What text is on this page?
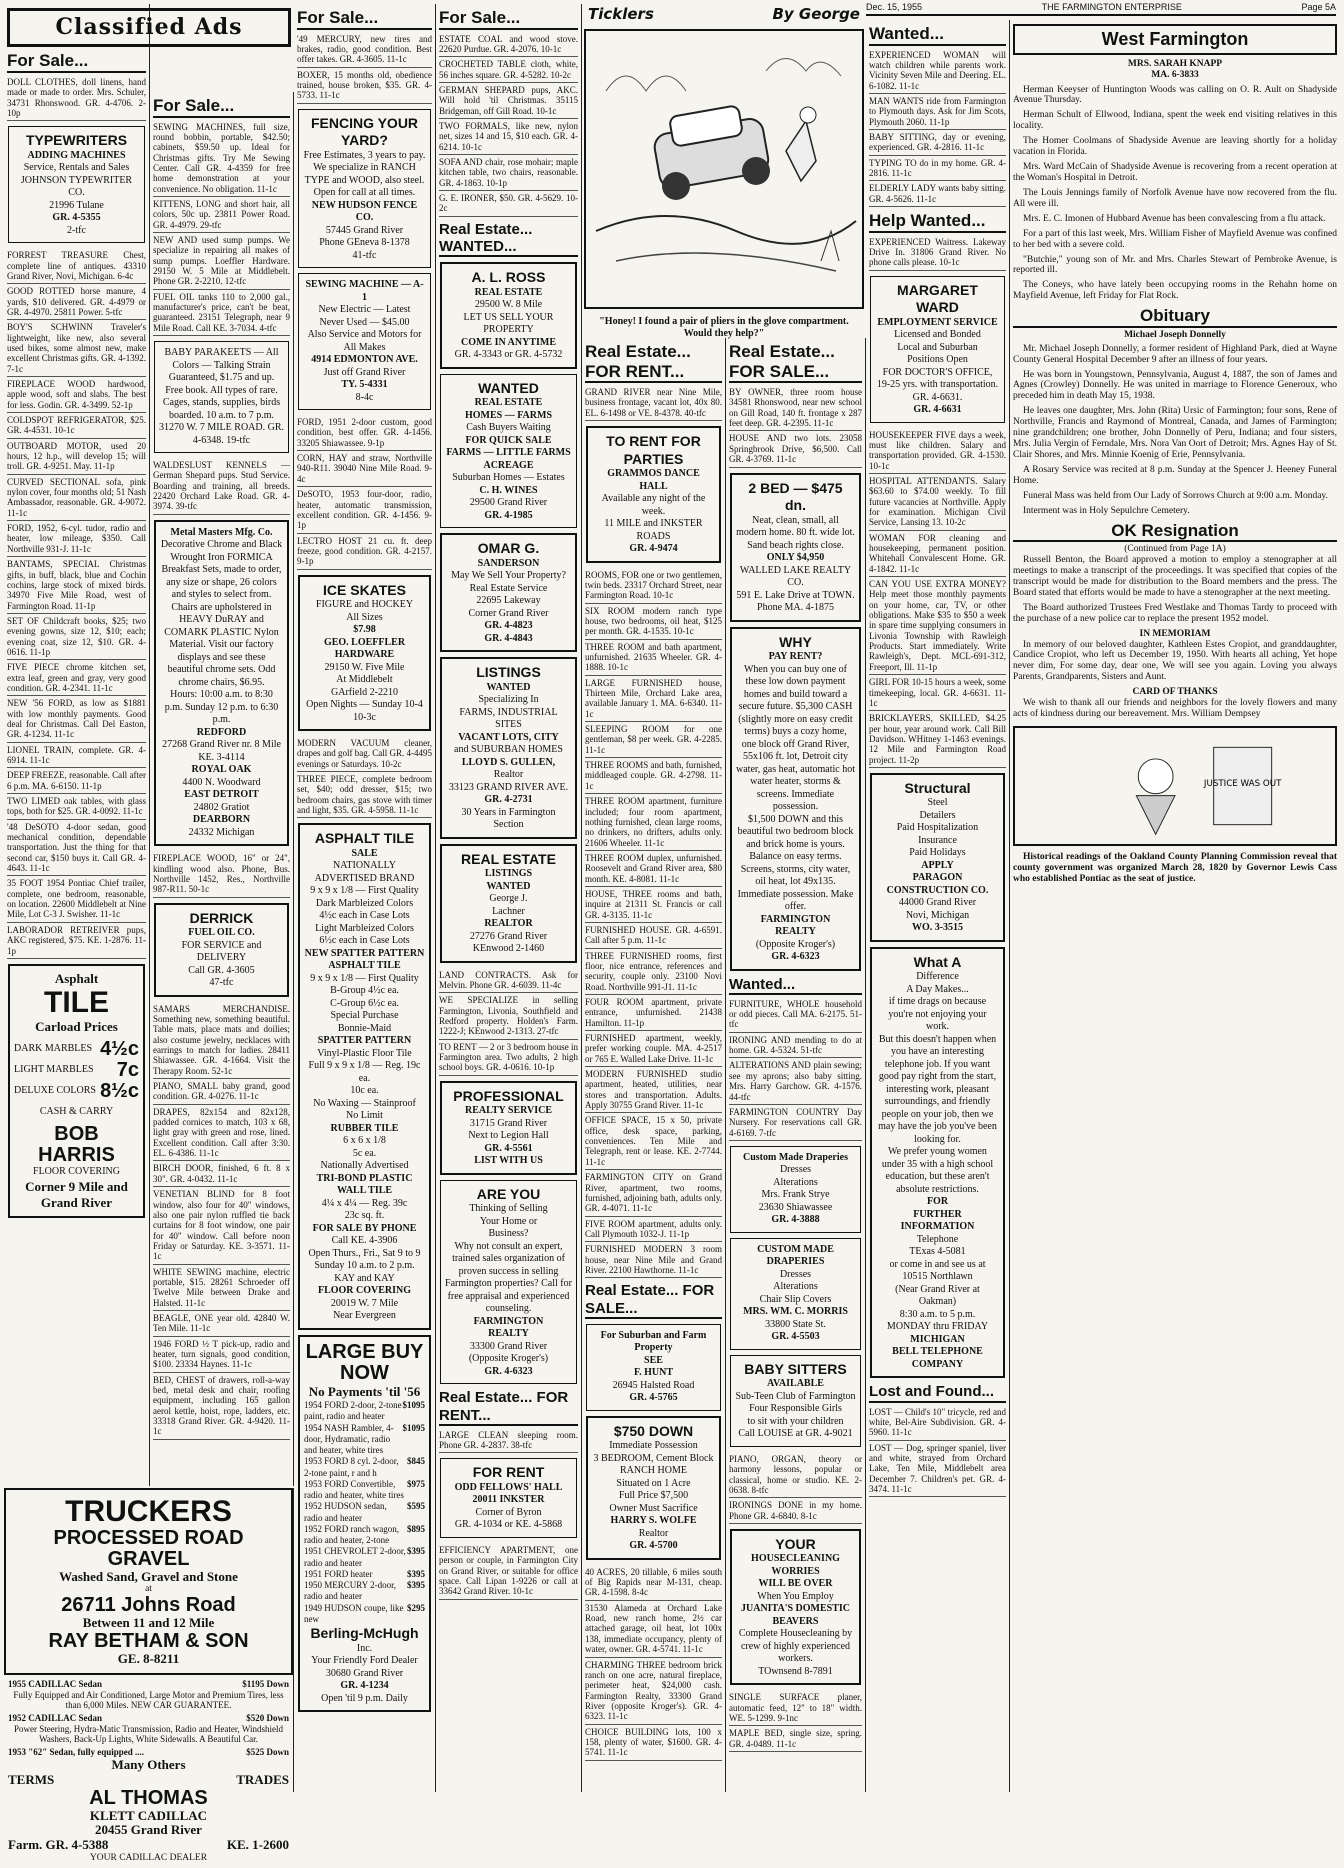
Dec. 15, 1955	THE FARMINGTON ENTERPRISE	Page 5A
Classified Ads
For Sale...
DOLL CLOTHES, doll linens, hand made or made to order. Mrs. Schuler, 34731 Rhonswood. GR. 4-4706. 2-10p
TYPEWRITERS
ADDING MACHINES
Service, Rentals and Sales
JOHNSON TYPEWRITER CO.
21996 Tulane
GR. 4-5355
2-tfc
FORREST TREASURE Chest, complete line of antiques. 43310 Grand River, Novi, Michigan. 6-4c
GOOD ROTTED horse manure, 4 yards, $10 delivered. GR. 4-4979 or GR. 4-4970. 25811 Power. 5-tfc
BOY'S SCHWINN Traveler's lightweight, like new, also several used bikes, some almost new, make excellent Christmas gifts. GR. 4-1392. 7-1c
FIREPLACE WOOD hardwood, apple wood, soft and slabs. The best for less. Godin. GR. 4-3499. 52-1p
COLDSPOT REFRIGERATOR, $25. GR. 4-4531. 10-1c
OUTBOARD MOTOR, used 20 hours, 12 h.p., will develop 15; will troll. GR. 4-9251. May. 11-1p
CURVED SECTIONAL sofa, pink nylon cover, four months old; 51 Nash Ambassador, reasonable. GR. 4-9072. 11-1c
FORD, 1952, 6-cyl. tudor, radio and heater, low mileage, $350. Call Northville 931-J. 11-1c
BANTAMS, SPECIAL Christmas gifts, in buff, black, blue and Cochin cochins, large stock of mixed birds. 34970 Five Mile Road, west of Farmington Road. 11-1p
SET OF Childcraft books, $25; two evening gowns, size 12, $10; each; evening coat, size 12, $10. GR. 4-0616. 11-1p
FIVE PIECE chrome kitchen set, extra leaf, green and gray, very good condition. GR. 4-2341. 11-1c
NEW '56 FORD, as low as $1881 with low monthly payments. Good deal for Christmas. Call Del Easton, GR. 4-1234. 11-1c
LIONEL TRAIN, complete. GR. 4-6914. 11-1c
DEEP FREEZE, reasonable. Call after 6 p.m. MA. 6-6150. 11-1p
TWO LIMED oak tables, with glass tops, both for $25. GR. 4-0092. 11-1c
'48 DeSOTO 4-door sedan, good mechanical condition, dependable transportation. Just the thing for that second car, $150 buys it. Call GR. 4-4643. 11-1c
35 FOOT 1954 Pontiac Chief trailer, complete, one bedroom, reasonable, on location. 22600 Middlebelt at Nine Mile, Lot C-3 J. Swisher. 11-1c
LABORADOR RETREIVER pups, AKC registered, $75. KE. 1-2876. 11-1p
Asphalt
TILE
Carload Prices
DARK MARBLES 4½c
LIGHT MARBLES 7c
DELUXE COLORS 8½c
CASH & CARRY
BOB HARRIS
FLOOR COVERING
Corner 9 Mile and Grand River
For Sale...
SEWING MACHINES, full size, round bobbin, portable, $42.50; cabinets, $59.50 up. Ideal for Christmas gifts. Try Me Sewing Center. Call GR. 4-4359 for free home demonstration at your convenience. No obligation. 11-1c
KITTENS, LONG and short hair, all colors, 50c up. 23811 Power Road. GR. 4-4979. 29-tfc
NEW AND used sump pumps. We specialize in repairing all makes of sump pumps. Loeffler Hardware. 29150 W. 5 Mile at Middlebelt. Phone GR. 2-2210. 12-tfc
FUEL OIL tanks 110 to 2,000 gal., manufacturer's price, can't be beat, guaranteed. 23151 Telegraph, near 9 Mile Road. Call KE. 3-7034. 4-tfc
BABY PARAKEETS — All Colors — Talking Strain Guaranteed, $1.75 and up. Free book. All types of rare. Cages, stands, supplies, birds boarded. 10 a.m. to 7 p.m. 31270 W. 7 MILE ROAD. GR. 4-6348. 19-tfc
WALDESLUST KENNELS — German Shepard pups. Stud Service. Boarding and training, all breeds. 22420 Orchard Lake Road. GR. 4-3974. 39-tfc
Metal Masters Mfg. Co.
Decorative Chrome and Black Wrought Iron FORMICA
Breakfast Sets, made to order, any size or shape, 26 colors and styles to select from. Chairs are upholstered in HEAVY DuRAY and COMARK PLASTIC Nylon Material. Visit our factory displays and see these beautiful chrome sets. Odd chrome chairs, $6.95.
Hours: 10:00 a.m. to 8:30 p.m. Sunday 12 p.m. to 6:30 p.m.
REDFORD
27268 Grand River nr. 8 Mile KE. 3-4114
ROYAL OAK
4400 N. Woodward
EAST DETROIT
24802 Gratiot
DEARBORN
24332 Michigan
FIREPLACE WOOD, 16" or 24", kindling wood also. Phone, Bus. Northville 1452, Res., Northville 987-R11. 50-1c
DERRICK
FUEL OIL CO.
FOR SERVICE and DELIVERY
Call GR. 4-3605
47-tfc
SAMARS MERCHANDISE. Something new, something beautiful. Table mats, place mats and doilies; also costume jewelry, necklaces with earrings to match for ladies. 28411 Shiawassee. GR. 4-1664. Visit the Therapy Room. 52-1c
PIANO, SMALL baby grand, good condition. GR. 4-0276. 11-1c
DRAPES, 82x154 and 82x128, padded cornices to match, 103 x 68, light gray with green and rose, lined. Excellent condition. Call after 3:30. EL. 6-4386. 11-1c
BIRCH DOOR, finished, 6 ft. 8 x 30". GR. 4-0432. 11-1c
VENETIAN BLIND for 8 foot window, also four for 40" windows, also one pair nylon ruffled tie back curtains for 8 foot window, one pair for 40" window. Call before noon Friday or Saturday. KE. 3-3571. 11-1c
WHITE SEWING machine, electric portable, $15. 28261 Schroeder off Twelve Mile between Drake and Halsted. 11-1c
BEAGLE, ONE year old. 42840 W. Ten Mile. 11-1c
1946 FORD ½ T pick-up, radio and heater, turn signals, good condition, $100. 23334 Haynes. 11-1c
BED, CHEST of drawers, roll-a-way bed, metal desk and chair, roofing equipment, including 165 gallon aerol kettle, hoist, rope, ladders, etc. 33318 Grand River. GR. 4-9420. 11-1c
TRUCKERS
PROCESSED ROAD GRAVEL
Washed Sand, Gravel and Stone
at
26711 Johns Road
Between 11 and 12 Mile
RAY BETHAM & SON
GE. 8-8211
1955 CADILLAC Sedan	$1195 Down
Fully Equipped and Air Conditioned, Large Motor and Premium Tires, less than 6,000 Miles. NEW CAR GUARANTEE.
1952 CADILLAC Sedan	$520 Down
Power Steering, Hydra-Matic Transmission, Radio and Heater, Windshield Washers, Back-Up Lights, White Sidewalls. A Beautiful Car.
1953 "62" Sedan, fully equipped ....	$525 Down
Many Others
TERMS	TRADES
AL THOMAS
KLETT CADILLAC
20455 Grand River
Farm. GR. 4-5388	KE. 1-2600
YOUR CADILLAC DEALER
For Sale...
'49 MERCURY, new tires and brakes, radio, good condition. Best offer takes. GR. 4-3605. 11-1c
BOXER, 15 months old, obedience trained, house broken, $35. GR. 4-5733. 11-1c
FENCING YOUR YARD?
Free Estimates, 3 years to pay. We specialize in RANCH TYPE and WOOD, also steel.
Open for call at all times.
NEW HUDSON FENCE CO.
57445 Grand River
Phone GEneva 8-1378
41-tfc
SEWING MACHINE — A-1
New Electric — Latest
Never Used — $45.00
Also Service and Motors for All Makes
4914 EDMONTON AVE.
Just off Grand River
TY. 5-4331
8-4c
FORD, 1951 2-door custom, good condition, best offer. GR. 4-1456. 33205 Shiawassee. 9-1p
CORN, HAY and straw, Northville 940-R11. 39040 Nine Mile Road. 9-4c
DeSOTO, 1953 four-door, radio, heater, automatic transmission, excellent condition. GR. 4-1456. 9-1p
LECTRO HOST 21 cu. ft. deep freeze, good condition. GR. 4-2157. 9-1p
ICE SKATES
FIGURE and HOCKEY
All Sizes
$7.98
GEO. LOEFFLER
HARDWARE
29150 W. Five Mile
At Middlebelt
GArfield 2-2210
Open Nights — Sunday 10-4
10-3c
MODERN VACUUM cleaner, drapes and golf bag. Call GR. 4-4495 evenings or Saturdays. 10-2c
THREE PIECE, complete bedroom set, $40; odd dresser, $15; two bedroom chairs, gas stove with timer and light, $35. GR. 4-5958. 11-1c
ASPHALT TILE
SALE
NATIONALLY ADVERTISED BRAND
9 x 9 x 1/8 — First Quality
Dark Marbleized Colors
4½c each in Case Lots
Light Marbleized Colors
6½c each in Case Lots
NEW SPATTER PATTERN
ASPHALT TILE
9 x 9 x 1/8 — First Quality
B-Group 4½c ea.
C-Group 6½c ea.
Special Purchase
Bonnie-Maid
SPATTER PATTERN
Vinyl-Plastic Floor Tile
Full 9 x 9 x 1/8 — Reg. 19c ea.
10c ea.
No Waxing — Stainproof
No Limit
RUBBER TILE
6 x 6 x 1/8
5c ea.
Nationally Advertised
TRI-BOND PLASTIC
WALL TILE
4¼ x 4¼ — Reg. 39c
23c sq. ft.
FOR SALE BY PHONE
Call KE. 4-3906
Open Thurs., Fri., Sat 9 to 9
Sunday 10 a.m. to 2 p.m.
KAY and KAY
FLOOR COVERING
20019 W. 7 Mile
Near Evergreen
LARGE BUY NOW
No Payments 'til '56
1954 FORD 2-door, 2-tone paint, radio and heater
$1095
1954 NASH Rambler, 4-door, Hydramatic, radio and heater, white tires
$1095
1953 FORD 8 cyl. 2-door, 2-tone paint, r and h
$845
1953 FORD Convertible, radio and heater, white tires
$975
1952 HUDSON sedan, radio and heater
$595
1952 FORD ranch wagon, radio and heater, 2-tone
$895
1951 CHEVROLET 2-door, radio and heater
$395
1951 FORD heater	$395
1950 MERCURY 2-door, radio and heater
$395
1949 HUDSON coupe, like new
$295
Berling-McHugh
Inc.
Your Friendly Ford Dealer
30680 Grand River
GR. 4-1234
Open 'til 9 p.m. Daily
For Sale...
ESTATE COAL and wood stove. 22620 Purdue. GR. 4-2076. 10-1c
CROCHETED TABLE cloth, white, 56 inches square. GR. 4-5282. 10-2c
GERMAN SHEPARD pups, AKC. Will hold 'til Christmas. 35115 Bridgeman, off Gill Road. 10-1c
TWO FORMALS, like new, nylon net, sizes 14 and 15, $10 each. GR. 4-6214. 10-1c
SOFA AND chair, rose mohair; maple kitchen table, two chairs, reasonable. GR. 4-1863. 10-1p
G. E. IRONER, $50. GR. 4-5629. 10-2c
Real Estate... WANTED...
A. L. ROSS
REAL ESTATE
29500 W. 8 Mile
LET US SELL YOUR PROPERTY
COME IN ANYTIME
GR. 4-3343 or GR. 4-5732
WANTED
REAL ESTATE
HOMES — FARMS
Cash Buyers Waiting
FOR QUICK SALE
FARMS — LITTLE FARMS
ACREAGE
Suburban Homes — Estates
C. H. WINES
29500 Grand River
GR. 4-1985
OMAR G.
SANDERSON
May We Sell Your Property?
Real Estate Service
22695 Lakeway
Corner Grand River
GR. 4-4823
GR. 4-4843
LISTINGS
WANTED
Specializing In
FARMS, INDUSTRIAL SITES
VACANT LOTS, CITY
and SUBURBAN HOMES
LLOYD S. GULLEN,
Realtor
33123 GRAND RIVER AVE.
GR. 4-2731
30 Years in Farmington Section
REAL ESTATE
LISTINGS
WANTED
George J.
Lachner
REALTOR
27276 Grand River
KEnwood 2-1460
LAND CONTRACTS. Ask for Melvin. Phone GR. 4-6039. 11-4c
WE SPECIALIZE in selling Farmington, Livonia, Southfield and Redford property. Holden's Farm. 1222-J; KEnwood 2-1313. 27-tfc
TO RENT — 2 or 3 bedroom house in Farmington area. Two adults, 2 high school boys. GR. 4-0616. 10-1p
PROFESSIONAL
REALTY SERVICE
31715 Grand River
Next to Legion Hall
GR. 4-5561
LIST WITH US
ARE YOU
Thinking of Selling
Your Home or
Business?
Why not consult an expert, trained sales organization of proven success in selling Farmington properties? Call for free appraisal and experienced counseling.
FARMINGTON
REALTY
33300 Grand River
(Opposite Kroger's)
GR. 4-6323
Real Estate... FOR RENT...
LARGE CLEAN sleeping room. Phone GR. 4-2837. 38-tfc
FOR RENT
ODD FELLOWS' HALL
20011 INKSTER
Corner of Byron
GR. 4-1034 or KE. 4-5868
EFFICIENCY APARTMENT, one person or couple, in Farmington City on Grand River, or suitable for office space. Call Lipan 1-9226 or call at 33642 Grand River. 10-1c
Ticklers	By George
"Honey! I found a pair of pliers in the glove compartment. Would they help?"
Real Estate... FOR RENT...
GRAND RIVER near Nine Mile, business frontage, vacant lot, 40x 80. EL. 6-1498 or VE. 8-4378. 40-tfc
TO RENT FOR PARTIES
GRAMMOS DANCE HALL
Available any night of the week.
11 MILE and INKSTER ROADS
GR. 4-9474
ROOMS, FOR one or two gentlemen, twin beds. 23317 Orchard Street, near Farmington Road. 10-1c
SIX ROOM modern ranch type house, two bedrooms, oil heat, $125 per month. GR. 4-1535. 10-1c
THREE ROOM and bath apartment, unfurnished. 21635 Wheeler. GR. 4-1888. 10-1c
LARGE FURNISHED house, Thirteen Mile, Orchard Lake area, available January 1. MA. 6-6340. 11-1c
SLEEPING ROOM for one gentleman, $8 per week. GR. 4-2285. 11-1c
THREE ROOMS and bath, furnished, middleaged couple. GR. 4-2798. 11-1c
THREE ROOM apartment, furniture included; four room apartment, nothing furnished, clean large rooms, no drinkers, no drifters, adults only. 21606 Wheeler. 11-1c
THREE ROOM duplex, unfurnished. Roosevelt and Grand River area, $80 month. KE. 4-8081. 11-1c
HOUSE, THREE rooms and bath, inquire at 21311 St. Francis or call GR. 4-3135. 11-1c
FURNISHED HOUSE. GR. 4-6591. Call after 5 p.m. 11-1c
THREE FURNISHED rooms, first floor, nice entrance, references and security, couple only. 23100 Novi Road. Northville 991-J1. 11-1c
FOUR ROOM apartment, private entrance, unfurnished. 21438 Hamilton. 11-1p
FURNISHED apartment, weekly, prefer working couple. MA. 4-2517 or 765 E. Walled Lake Drive. 11-1c
MODERN FURNISHED studio apartment, heated, utilities, near stores and transportation. Adults. Apply 30755 Grand River. 11-1c
OFFICE SPACE, 15 x 50, private office, desk space, parking, conveniences. Ten Mile and Telegraph, rent or lease. KE. 2-7744. 11-1c
FARMINGTON CITY on Grand River, apartment, two rooms, furnished, adjoining bath, adults only. GR. 4-4071. 11-1c
FIVE ROOM apartment, adults only. Call Plymouth 1032-J. 11-1p
FURNISHED MODERN 3 room house, near Nine Mile and Grand River. 22100 Hawthorne. 11-1c
Real Estate... FOR SALE...
For Suburban and Farm Property
SEE
F. HUNT
26945 Halsted Road
GR. 4-5765
$750 DOWN
Immediate Possession
3 BEDROOM, Cement Block RANCH HOME
Situated on 1 Acre
Full Price $7,500
Owner Must Sacrifice
HARRY S. WOLFE
Realtor
GR. 4-5700
40 ACRES, 20 tillable, 6 miles south of Big Rapids near M-131, cheap. GR. 4-1598. 8-4c
31530 Alameda at Orchard Lake Road, new ranch home, 2½ car attached garage, oil heat, lot 100x 138, immediate occupancy, plenty of water, owner. GR. 4-5741. 11-1c
CHARMING THREE bedroom brick ranch on one acre, natural fireplace, perimeter heat, $24,000 cash. Farmington Realty, 33300 Grand River (opposite Kroger's). GR. 4-6323. 11-1c
CHOICE BUILDING lots, 100 x 158, plenty of water, $1600. GR. 4-5741. 11-1c
Real Estate... FOR SALE...
BY OWNER, three room house 34581 Rhonswood, near new school on Gill Road, 140 ft. frontage x 287 feet deep. GR. 4-2395. 11-1c
HOUSE AND two lots. 23058 Springbrook Drive, $6,500. Call GR. 4-3769. 11-1c
2 BED — $475 dn.
Neat, clean, small, all modern home. 80 ft. wide lot. Sand beach rights close.
ONLY $4,950
WALLED LAKE REALTY CO.
591 E. Lake Drive at TOWN.
Phone MA. 4-1875
WHY
PAY RENT?
When you can buy one of these low down payment homes and build toward a secure future. $5,300 CASH (slightly more on easy credit terms) buys a cozy home, one block off Grand River, 55x106 ft. lot, Detroit city water, gas heat, automatic hot water heater, storms & screens. Immediate possession.
$1,500 DOWN and this beautiful two bedroom block and brick home is yours. Balance on easy terms. Screens, storms, city water, oil heat, lot 49x135. Immediate possession. Make offer.
FARMINGTON
REALTY
(Opposite Kroger's)
GR. 4-6323
Wanted...
FURNITURE, WHOLE household or odd pieces. Call MA. 6-2175. 51-tfc
IRONING AND mending to do at home. GR. 4-5324. 51-tfc
ALTERATIONS AND plain sewing; see my aprons; also baby sitting. Mrs. Harry Garchow. GR. 4-1576. 44-tfc
FARMINGTON COUNTRY Day Nursery. For reservations call GR. 4-6169. 7-tfc
Custom Made Draperies
Dresses
Alterations
Mrs. Frank Strye
23630 Shiawassee
GR. 4-3888
CUSTOM MADE DRAPERIES
Dresses
Alterations
Chair Slip Covers
MRS. WM. C. MORRIS
33800 State St.
GR. 4-5503
BABY SITTERS
AVAILABLE
Sub-Teen Club of Farmington
Four Responsible Girls
to sit with your children
Call LOUISE at GR. 4-9021
PIANO, ORGAN, theory or harmony lessons, popular or classical, home or studio. KE. 2-0638. 8-tfc
IRONINGS DONE in my home. Phone GR. 4-6840. 8-1c
YOUR
HOUSECLEANING
WORRIES
WILL BE OVER
When You Employ
JUANITA'S DOMESTIC
BEAVERS
Complete Housecleaning by crew of highly experienced workers.
TOwnsend 8-7891
SINGLE SURFACE planer, automatic feed, 12" to 18" width. WE. 5-1299. 9-1nc
MAPLE BED, single size, spring. GR. 4-0489. 11-1c
Wanted...
EXPERIENCED WOMAN will watch children while parents work. Vicinity Seven Mile and Deering. EL. 6-1082. 11-1c
MAN WANTS ride from Farmington to Plymouth days. Ask for Jim Scots, Plymouth 2060. 11-1p
BABY SITTING, day or evening, experienced. GR. 4-2816. 11-1c
TYPING TO do in my home. GR. 4-2816. 11-1c
ELDERLY LADY wants baby sitting. GR. 4-5626. 11-1c
Help Wanted...
EXPERIENCED Waitress. Lakeway Drive In. 31806 Grand River. No phone calls please. 10-1c
MARGARET WARD
EMPLOYMENT SERVICE
Licensed and Bonded
Local and Suburban
Positions Open
FOR DOCTOR'S OFFICE, 19-25 yrs. with transportation. GR. 4-6631.
GR. 4-6631
HOUSEKEEPER FIVE days a week, must like children. Salary and transportation provided. GR. 4-1530. 10-1c
HOSPITAL ATTENDANTS. Salary $63.60 to $74.00 weekly. To fill future vacancies at Northville. Apply for examination. Michigan Civil Service, Lansing 13. 10-2c
WOMAN FOR cleaning and housekeeping, permanent position. Whitehall Convalescent Home. GR. 4-1842. 11-1c
CAN YOU USE EXTRA MONEY? Help meet those monthly payments on your home, car, TV, or other obligations. Make $35 to $50 a week in spare time supplying consumers in Livonia Township with Rawleigh Products. Start immediately. Write Rawleigh's, Dept. MCL-691-312, Freeport, Ill. 11-1p
GIRL FOR 10-15 hours a week, some timekeeping, local. GR. 4-6631. 11-1c
BRICKLAYERS, SKILLED, $4.25 per hour, year around work. Call Bill Davidson. WHitney 1-1463 evenings. 12 Mile and Farmington Road project. 11-2p
Structural
Steel
Detailers
Paid Hospitalization
Insurance
Paid Holidays
APPLY
PARAGON
CONSTRUCTION CO.
44000 Grand River
Novi, Michigan
WO. 3-3515
What A
Difference
A Day Makes...
if time drags on because you're not enjoying your work.
But this doesn't happen when you have an interesting telephone job. If you want good pay right from the start, interesting work, pleasant surroundings, and friendly people on your job, then we may have the job you've been looking for.
We prefer young women under 35 with a high school education, but these aren't absolute restrictions.
FOR
FURTHER INFORMATION
Telephone
TExas 4-5081
or come in and see us at
10515 Northlawn
(Near Grand River at Oakman)
8:30 a.m. to 5 p.m.
MONDAY thru FRIDAY
MICHIGAN
BELL TELEPHONE
COMPANY
Lost and Found...
LOST — Child's 10" tricycle, red and white, Bel-Aire Subdivision. GR. 4-5960. 11-1c
LOST — Dog, springer spaniel, liver and white, strayed from Orchard Lake, Ten Mile, Middlebelt area December 7. Children's pet. GR. 4-3474. 11-1c
West Farmington
MRS. SARAH KNAPP
MA. 6-3833

Herman Keeyser of Huntington Woods was calling on O. R. Ault on Shadyside Avenue Thursday.

Herman Schult of Ellwood, Indiana, spent the week end visiting relatives in this locality.

The Homer Coolmans of Shadyside Avenue are leaving shortly for a holiday vacation in Florida.

Mrs. Ward McCain of Shadyside Avenue is recovering from a recent operation at the Woman's Hospital in Detroit.

The Louis Jennings family of Norfolk Avenue have now recovered from the flu. All were ill.

Mrs. E. C. Imonen of Hubbard Avenue has been convalescing from a flu attack.

For a part of this last week, Mrs. William Fisher of Mayfield Avenue was confined to her bed with a severe cold.

"Butchie," young son of Mr. and Mrs. Charles Stewart of Pembroke Avenue, is reported ill.

The Coneys, who have lately been occupying rooms in the Rehahn home on Mayfield Avenue, left Friday for Flat Rock.

Obituary
Michael Joseph Donnelly

Mr. Michael Joseph Donnelly, a former resident of Highland Park, died at Wayne County General Hospital December 9 after an illness of four years.

He was born in Youngstown, Pennsylvania, August 4, 1887, the son of James and Agnes (Crowley) Donnelly. He was united in marriage to Florence Generoux, who preceded him in death May 15, 1938.

He leaves one daughter, Mrs. John (Rita) Ursic of Farmington; four sons, Rene of Northville, Francis and Raymond of Montreal, Canada, and James of Farmington; nine grandchildren; one brother, John Donnelly of Peru, Indiana; and four sisters, Mrs. Julia Vergin of Ferndale, Mrs. Nora Van Oort of Detroit; Mrs. Agnes Hay of St. Clair Shores, and Mrs. Minnie Koenig of Erie, Pennsylvania.

A Rosary Service was recited at 8 p.m. Sunday at the Spencer J. Heeney Funeral Home.

Funeral Mass was held from Our Lady of Sorrows Church at 9:00 a.m. Monday.

Interment was in Holy Sepulchre Cemetery.

OK Resignation
(Continued from Page 1A)

Russell Benton, the Board approved a motion to employ a stenographer at all meetings to make a transcript of the proceedings. It was specified that copies of the transcript would be made for distribution to the Board members and the press. The Board stated that efforts would be made to have a stenographer at the next meeting.

The Board authorized Trustees Fred Westlake and Thomas Tardy to proceed with the purchase of a new police car to replace the present 1952 model.

IN MEMORIAM

In memory of our beloved daughter, Kathleen Estes Cropiot, and granddaughter, Candice Cropiot, who left us December 19, 1950. With hearts all aching, Yet hope never dim, For some day, dear one, We will see you again. Loving you always Parents, Grandparents, Sisters and Aunt.

CARD OF THANKS

We wish to thank all our friends and neighbors for the lovely flowers and many acts of kindness during our bereavement. Mrs. William Dempsey

JUSTICE WAS OUT

Historical readings of the Oakland County Planning Commission reveal that county government was organized March 28, 1820 by Governor Lewis Cass who established Pontiac as the seat of justice.
